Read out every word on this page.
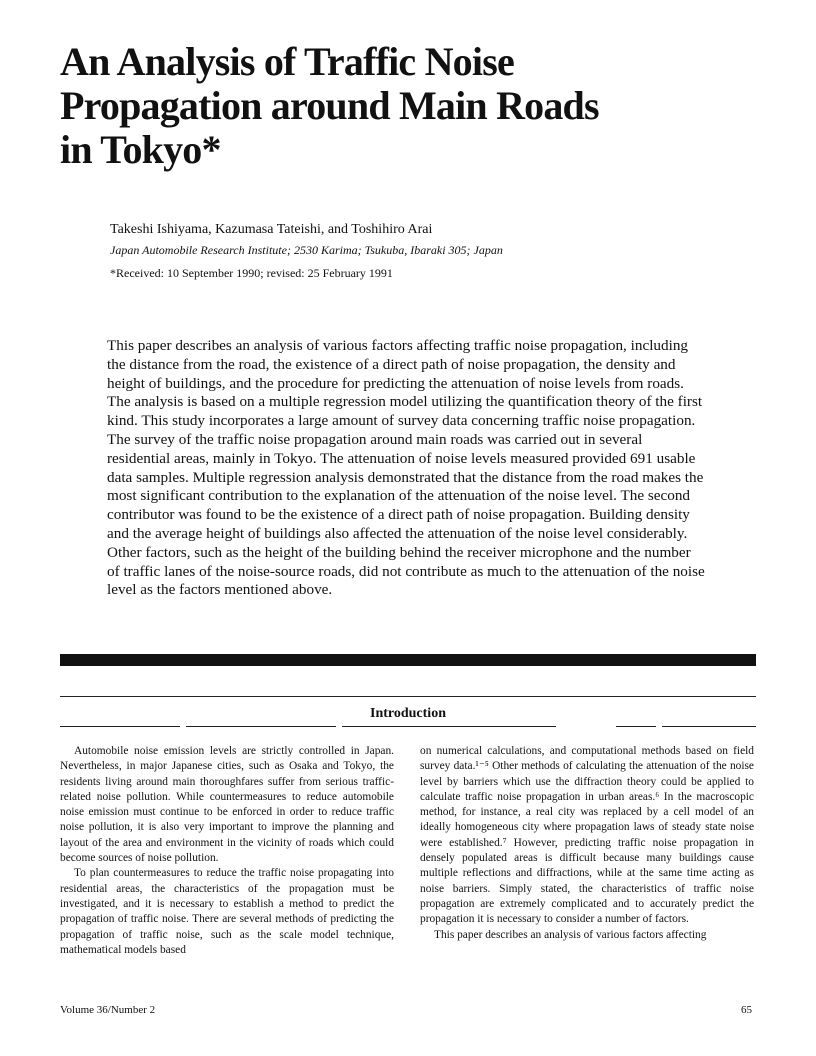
An Analysis of Traffic Noise
Propagation around Main Roads
in Tokyo*
Takeshi Ishiyama, Kazumasa Tateishi, and Toshihiro Arai
Japan Automobile Research Institute; 2530 Karima; Tsukuba, Ibaraki 305; Japan
*Received: 10 September 1990; revised: 25 February 1991

This paper describes an analysis of various factors affecting traffic noise propagation, including the distance from the road, the existence of a direct path of noise propagation, the density and height of buildings, and the procedure for predicting the attenuation of noise levels from roads. The analysis is based on a multiple regression model utilizing the quantification theory of the first kind. This study incorporates a large amount of survey data concerning traffic noise propagation. The survey of the traffic noise propagation around main roads was carried out in several residential areas, mainly in Tokyo. The attenuation of noise levels measured provided 691 usable data samples. Multiple regression analysis demonstrated that the distance from the road makes the most significant contribution to the explanation of the attenuation of the noise level. The second contributor was found to be the existence of a direct path of noise propagation. Building density and the average height of buildings also affected the attenuation of the noise level considerably. Other factors, such as the height of the building behind the receiver microphone and the number of traffic lanes of the noise-source roads, did not contribute as much to the attenuation of the noise level as the factors mentioned above.

Introduction

Automobile noise emission levels are strictly controlled in Japan. Nevertheless, in major Japanese cities, such as Osaka and Tokyo, the residents living around main thoroughfares suffer from serious traffic-related noise pollution. While countermeasures to reduce automobile noise emission must continue to be enforced in order to reduce traffic noise pollution, it is also very important to improve the planning and layout of the area and environment in the vicinity of roads which could become sources of noise pollution.

To plan countermeasures to reduce the traffic noise propagating into residential areas, the characteristics of the propagation must be investigated, and it is necessary to establish a method to predict the propagation of traffic noise. There are several methods of predicting the propagation of traffic noise, such as the scale model technique, mathematical models based

on numerical calculations, and computational methods based on field survey data.¹⁻⁵ Other methods of calculating the attenuation of the noise level by barriers which use the diffraction theory could be applied to calculate traffic noise propagation in urban areas.⁶ In the macroscopic method, for instance, a real city was replaced by a cell model of an ideally homogeneous city where propagation laws of steady state noise were established.⁷ However, predicting traffic noise propagation in densely populated areas is difficult because many buildings cause multiple reflections and diffractions, while at the same time acting as noise barriers. Simply stated, the characteristics of traffic noise propagation are extremely complicated and to accurately predict the propagation it is necessary to consider a number of factors.

This paper describes an analysis of various factors affecting

Volume 36/Number 2	65
